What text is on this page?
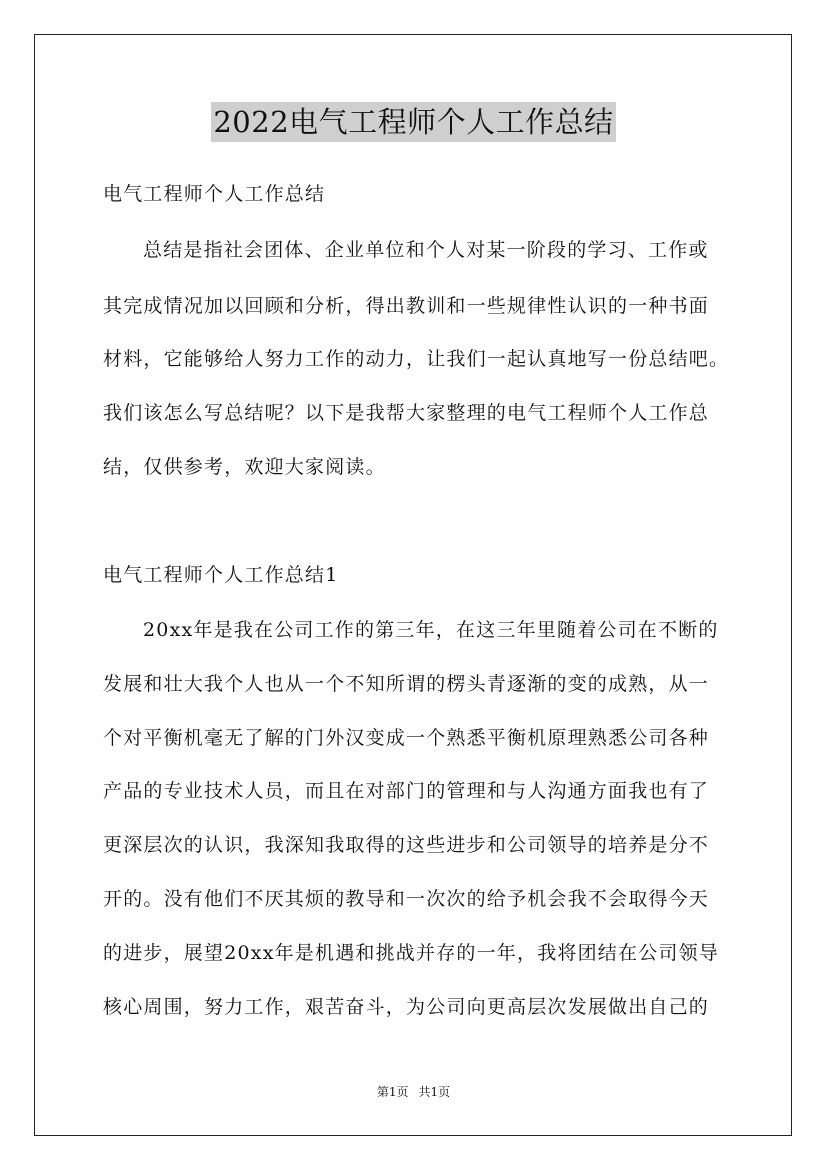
2022电气工程师个人工作总结
电气工程师个人工作总结
总结是指社会团体、企业单位和个人对某一阶段的学习、工作或
其完成情况加以回顾和分析，得出教训和一些规律性认识的一种书面
材料，它能够给人努力工作的动力，让我们一起认真地写一份总结吧。
我们该怎么写总结呢？以下是我帮大家整理的电气工程师个人工作总
结，仅供参考，欢迎大家阅读。
电气工程师个人工作总结1
20xx年是我在公司工作的第三年，在这三年里随着公司在不断的
发展和壮大我个人也从一个不知所谓的楞头青逐渐的变的成熟，从一
个对平衡机毫无了解的门外汉变成一个熟悉平衡机原理熟悉公司各种
产品的专业技术人员，而且在对部门的管理和与人沟通方面我也有了
更深层次的认识，我深知我取得的这些进步和公司领导的培养是分不
开的。没有他们不厌其烦的教导和一次次的给予机会我不会取得今天
的进步，展望20xx年是机遇和挑战并存的一年，我将团结在公司领导
核心周围，努力工作，艰苦奋斗，为公司向更高层次发展做出自己的
第1页 共1页
